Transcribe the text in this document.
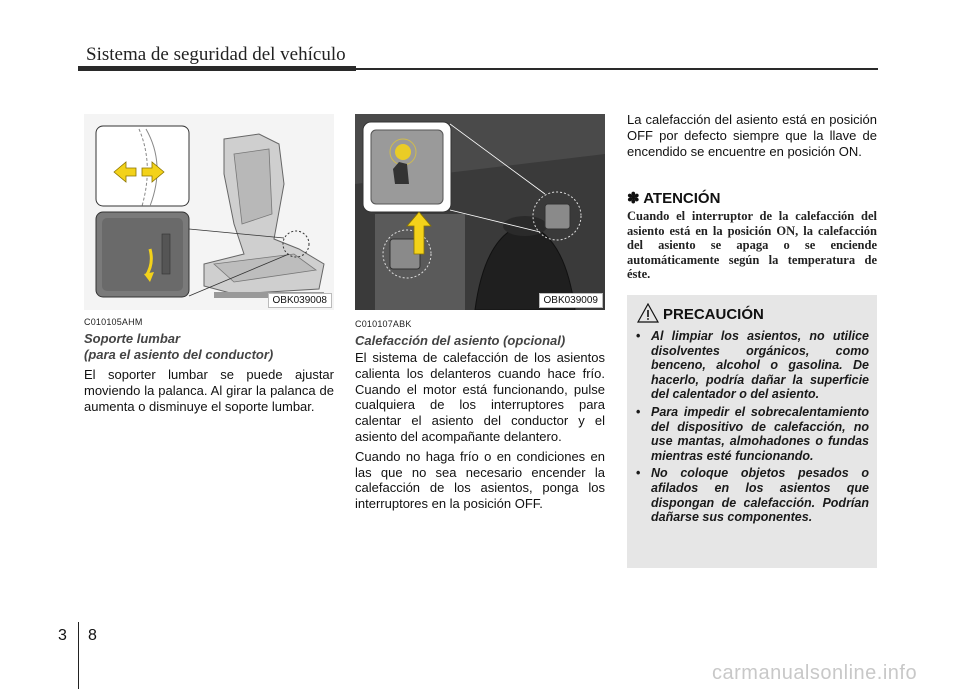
Sistema de seguridad del vehículo
OBK039008
C010105AHM
Soporte lumbar
(para el asiento del conductor)

El soporter lumbar se puede ajustar moviendo la palanca. Al girar la palanca de aumenta o disminuye el soporte lumbar.

OBK039009
C010107ABK
Calefacción del asiento (opcional)

El sistema de calefacción de los asientos calienta los delanteros cuando hace frío. Cuando el motor está funcionando, pulse cualquiera de los interruptores para calentar el asiento del conductor y el asiento del acompañante delantero.

Cuando no haga frío o en condiciones en las que no sea necesario encender la calefacción de los asientos, ponga los interruptores en la posición OFF.

La calefacción del asiento está en posición OFF por defecto siempre que la llave de encendido se encuentre en posición ON.

✽ ATENCIÓN
Cuando el interruptor de la calefacción del asiento está en la posición ON, la calefacción del asiento se apaga o se enciende automáticamente según la temperatura de éste.
PRECAUCIÓN
• Al limpiar los asientos, no utilice disolventes orgánicos, como benceno, alcohol o gasolina. De hacerlo, podría dañar la superficie del calentador o del asiento.
• Para impedir el sobrecalentamiento del dispositivo de calefacción, no use mantas, almohadones o fundas mientras esté funcionando.
• No coloque objetos pesados o afilados en los asientos que dispongan de calefacción. Podrían dañarse sus componentes.
3 8
carmanualsonline.info
